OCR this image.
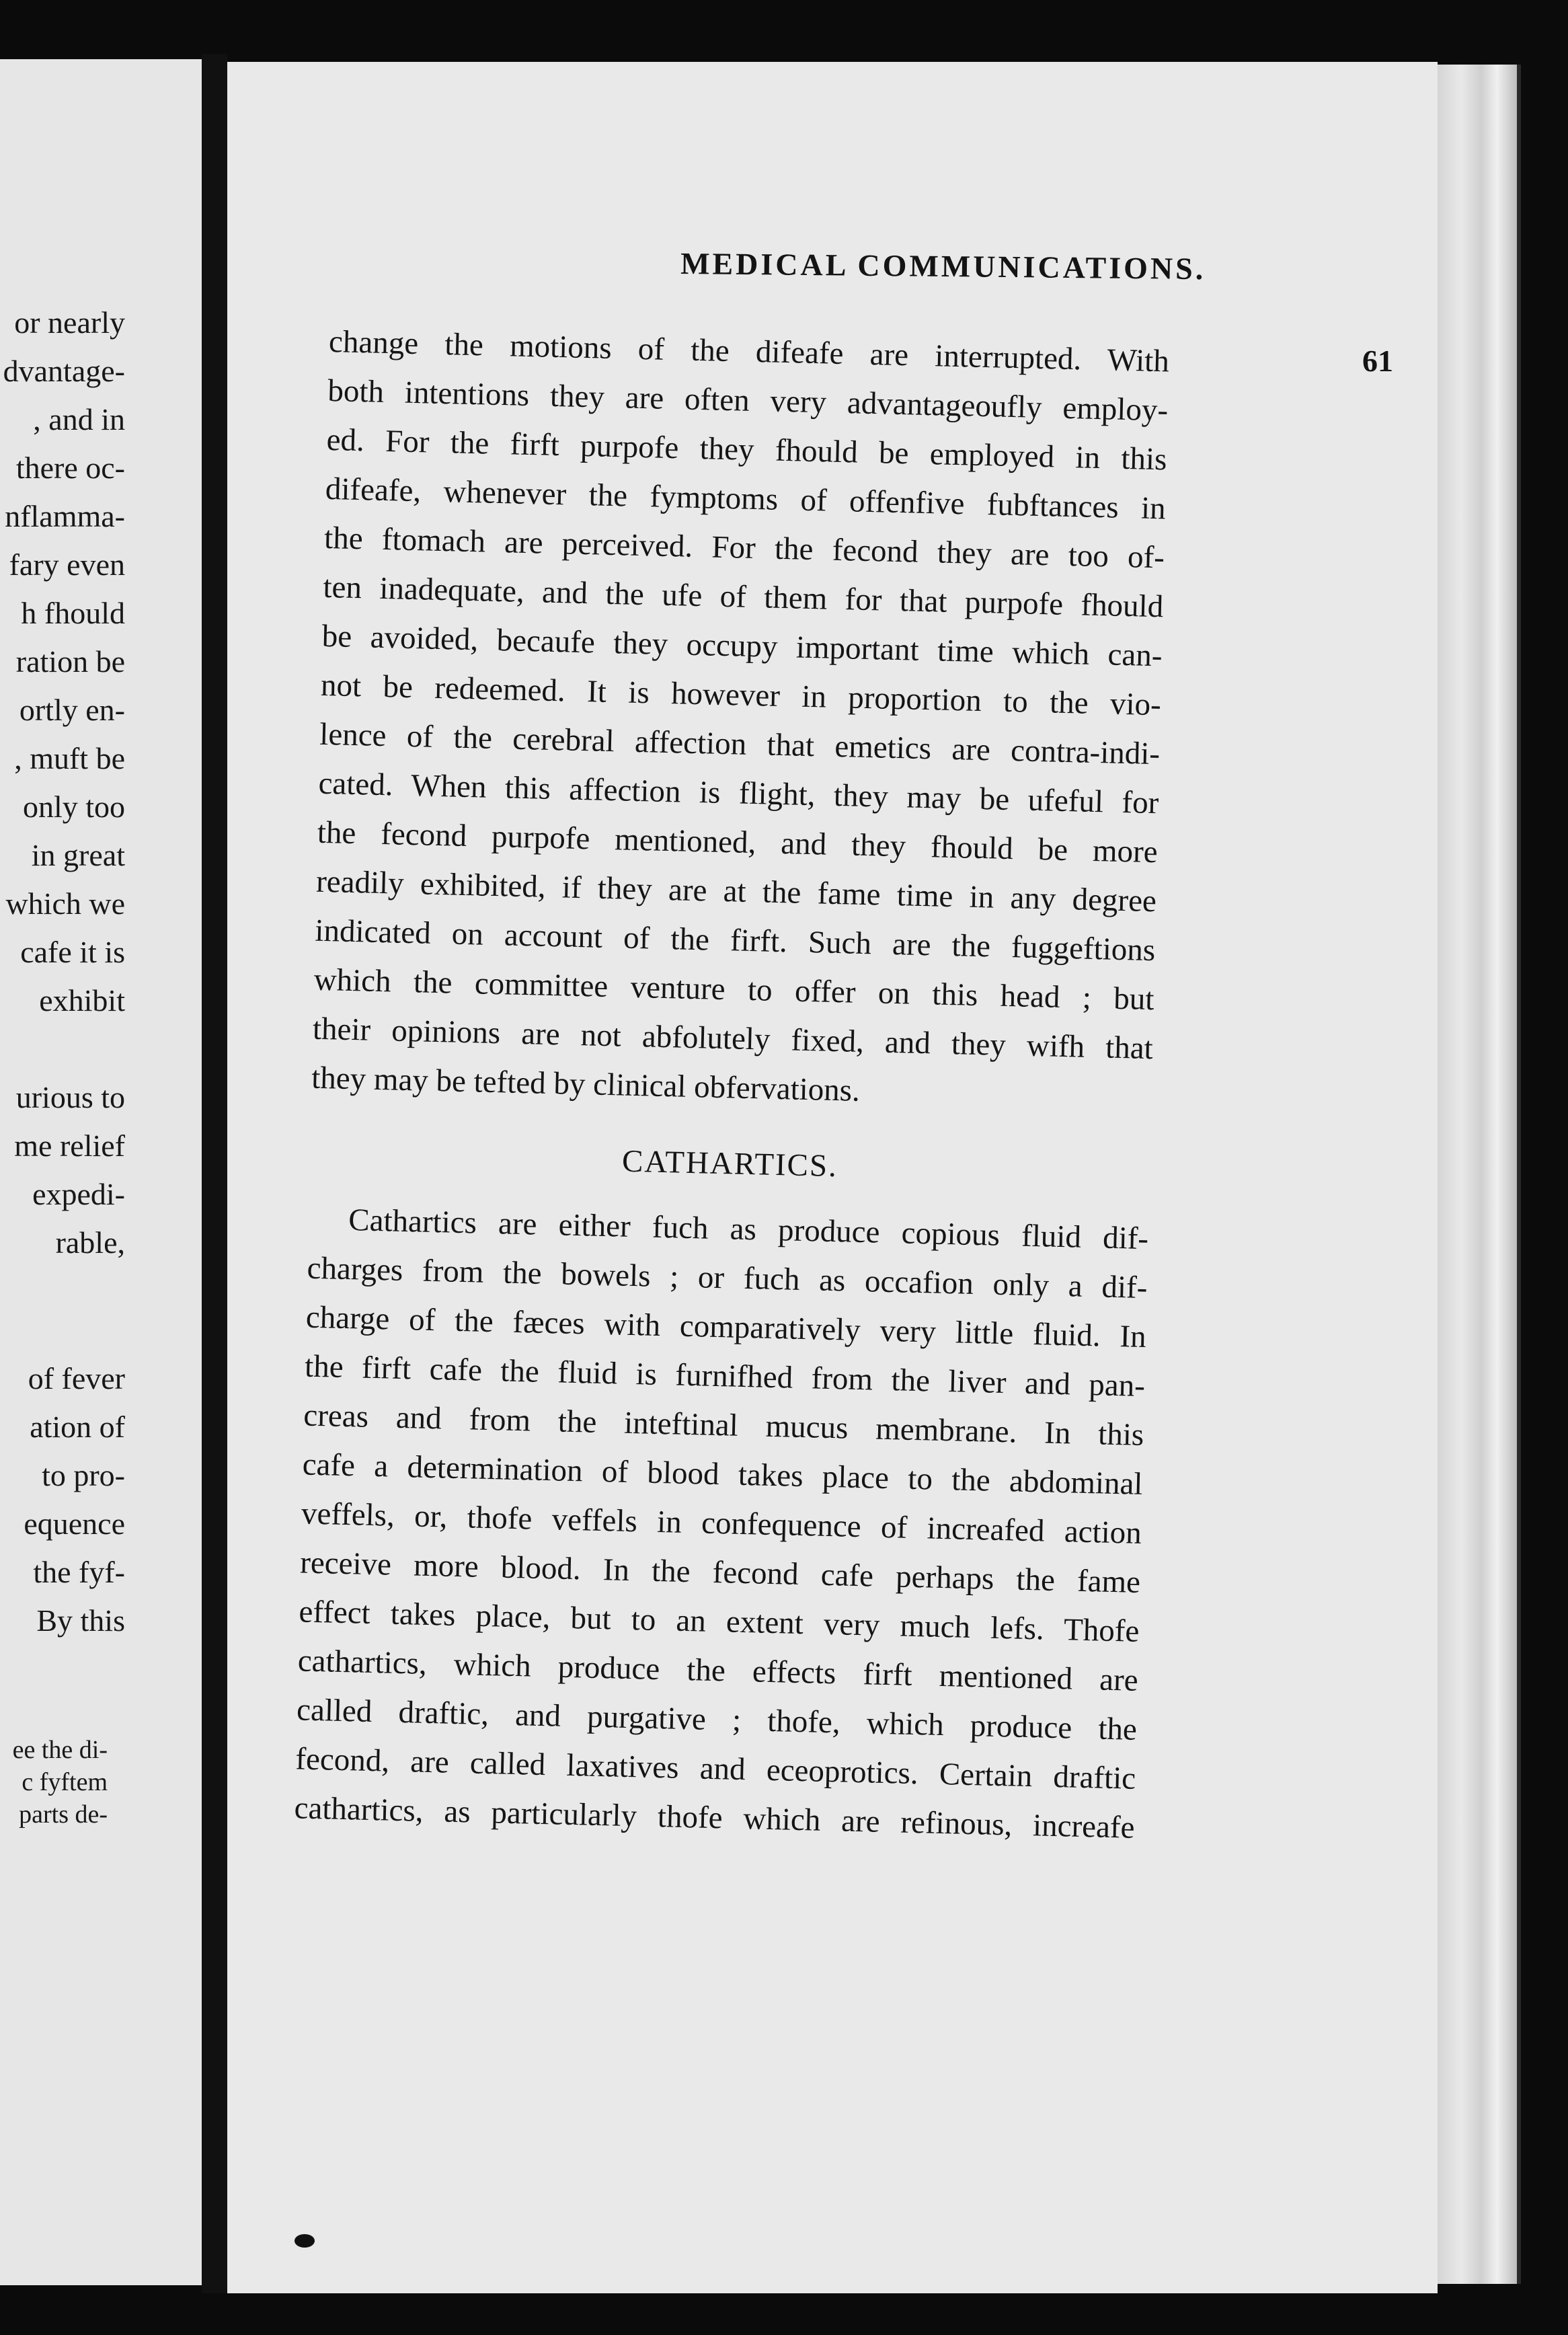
or nearly
dvantage-
, and in
there oc-
nflamma-
fary even
h fhould
ration be
ortly en-
, muft be
only too
in great
which we
cafe it is
exhibit

urious to
me relief
expedi-
rable,
of fever
ation of
to pro-
equence
the fyf-
By this
ee the di-
c fyftem
parts de-
MEDICAL COMMUNICATIONS.
61
change the motions of the difeafe are interrupted. With
both intentions they are often very advantageoufly employ-
ed. For the firft purpofe they fhould be employed in this
difeafe, whenever the fymptoms of offenfive fubftances in
the ftomach are perceived. For the fecond they are too of-
ten inadequate, and the ufe of them for that purpofe fhould
be avoided, becaufe they occupy important time which can-
not be redeemed. It is however in proportion to the vio-
lence of the cerebral affection that emetics are contra-indi-
cated. When this affection is flight, they may be ufeful for
the fecond purpofe mentioned, and they fhould be more
readily exhibited, if they are at the fame time in any degree
indicated on account of the firft. Such are the fuggeftions
which the committee venture to offer on this head ; but
their opinions are not abfolutely fixed, and they wifh that
they may be tefted by clinical obfervations.
CATHARTICS.
Cathartics are either fuch as produce copious fluid dif-
charges from the bowels ; or fuch as occafion only a dif-
charge of the fæces with comparatively very little fluid. In
the firft cafe the fluid is furnifhed from the liver and pan-
creas and from the inteftinal mucus membrane. In this
cafe a determination of blood takes place to the abdominal
veffels, or, thofe veffels in confequence of increafed action
receive more blood. In the fecond cafe perhaps the fame
effect takes place, but to an extent very much lefs. Thofe
cathartics, which produce the effects firft mentioned are
called draftic, and purgative ; thofe, which produce the
fecond, are called laxatives and eceoprotics. Certain draftic
cathartics, as particularly thofe which are refinous, increafe
